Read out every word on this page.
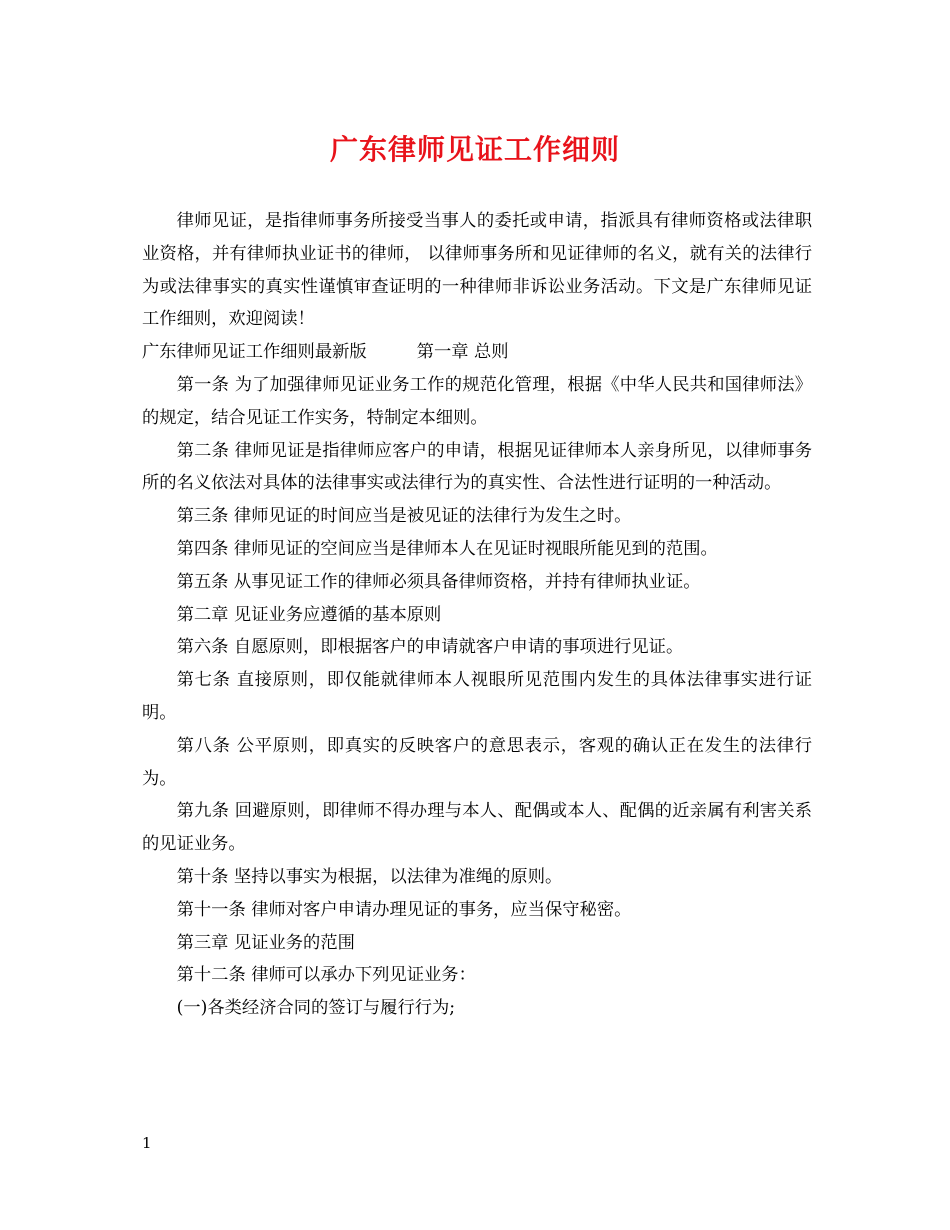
广东律师见证工作细则

律师见证，是指律师事务所接受当事人的委托或申请，指派具有律师资格或法律职业资格，并有律师执业证书的律师， 以律师事务所和见证律师的名义，就有关的法律行为或法律事实的真实性谨慎审查证明的一种律师非诉讼业务活动。下文是广东律师见证工作细则，欢迎阅读！

广东律师见证工作细则最新版	第一章 总则

第一条 为了加强律师见证业务工作的规范化管理，根据《中华人民共和国律师法》的规定，结合见证工作实务，特制定本细则。

第二条 律师见证是指律师应客户的申请，根据见证律师本人亲身所见，以律师事务所的名义依法对具体的法律事实或法律行为的真实性、合法性进行证明的一种活动。

第三条 律师见证的时间应当是被见证的法律行为发生之时。

第四条 律师见证的空间应当是律师本人在见证时视眼所能见到的范围。

第五条 从事见证工作的律师必须具备律师资格，并持有律师执业证。

第二章 见证业务应遵循的基本原则

第六条 自愿原则，即根据客户的申请就客户申请的事项进行见证。

第七条 直接原则，即仅能就律师本人视眼所见范围内发生的具体法律事实进行证明。

第八条 公平原则，即真实的反映客户的意思表示，客观的确认正在发生的法律行为。

第九条 回避原则，即律师不得办理与本人、配偶或本人、配偶的近亲属有利害关系的见证业务。

第十条 坚持以事实为根据，以法律为准绳的原则。

第十一条 律师对客户申请办理见证的事务，应当保守秘密。

第三章 见证业务的范围

第十二条 律师可以承办下列见证业务：

(一)各类经济合同的签订与履行行为;

1
